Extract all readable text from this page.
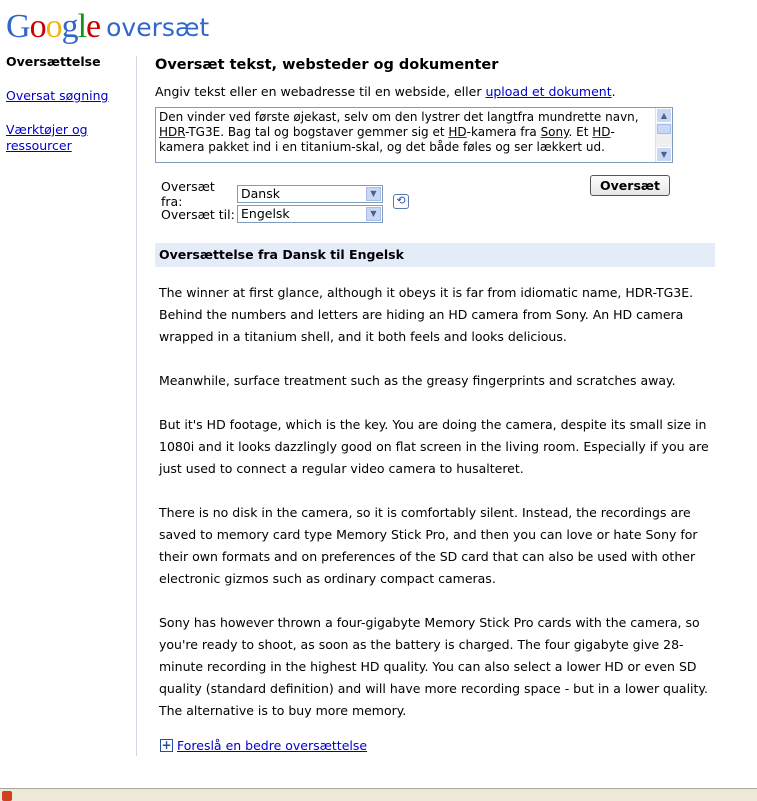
Google oversæt
Oversættelse
Oversat søgning
Værktøjer og ressourcer
Oversæt tekst, websteder og dokumenter
Angiv tekst eller en webadresse til en webside, eller upload et dokument.
Den vinder ved første øjekast, selv om den lystrer det langtfra mundrette navn, HDR-TG3E. Bag tal og bogstaver gemmer sig et HD-kamera fra Sony. Et HD-kamera pakket ind i en titanium-skal, og det både føles og ser lækkert ud.
▲
▼
Oversæt fra:
Dansk	▼
Oversæt til: Engelsk	▼
⟲
Oversæt
Oversættelse fra Dansk til Engelsk

The winner at first glance, although it obeys it is far from idiomatic name, HDR-TG3E. Behind the numbers and letters are hiding an HD camera from Sony. An HD camera wrapped in a titanium shell, and it both feels and looks delicious.

Meanwhile, surface treatment such as the greasy fingerprints and scratches away.

But it's HD footage, which is the key. You are doing the camera, despite its small size in 1080i and it looks dazzlingly good on flat screen in the living room. Especially if you are just used to connect a regular video camera to husalteret.

There is no disk in the camera, so it is comfortably silent. Instead, the recordings are saved to memory card type Memory Stick Pro, and then you can love or hate Sony for their own formats and on preferences of the SD card that can also be used with other electronic gizmos such as ordinary compact cameras.

Sony has however thrown a four-gigabyte Memory Stick Pro cards with the camera, so you're ready to shoot, as soon as the battery is charged. The four gigabyte give 28-minute recording in the highest HD quality. You can also select a lower HD or even SD quality (standard definition) and will have more recording space - but in a lower quality. The alternative is to buy more memory.

+ Foreslå en bedre oversættelse
